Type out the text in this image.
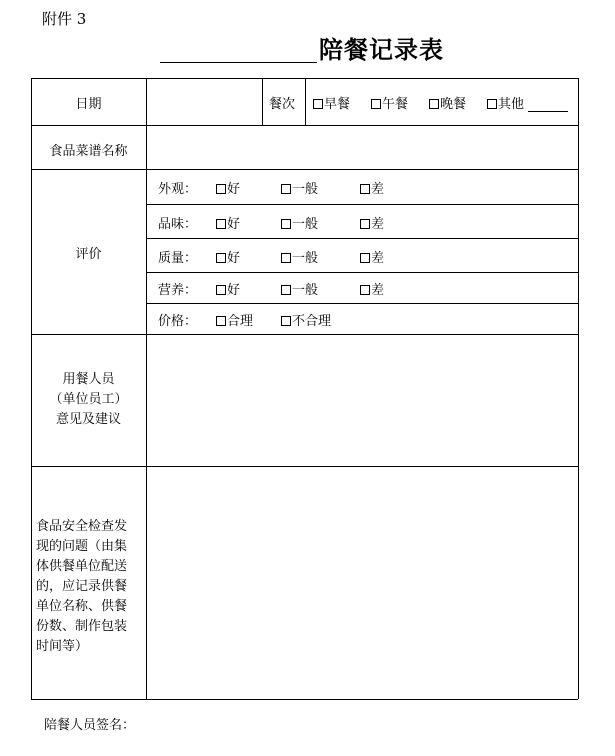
附件 3
陪餐记录表
日期	餐次	早餐	午餐	晚餐	其他
食品菜谱名称
评价
外观：	好	一般	差
品味：	好	一般	差
质量：	好	一般	差
营养：	好	一般	差
价格：	合理	不合理
用餐人员
（单位员工）
意见及建议
食品安全检查发
现的问题（由集
体供餐单位配送
的，应记录供餐
单位名称、供餐
份数、制作包装
时间等）
陪餐人员签名：
